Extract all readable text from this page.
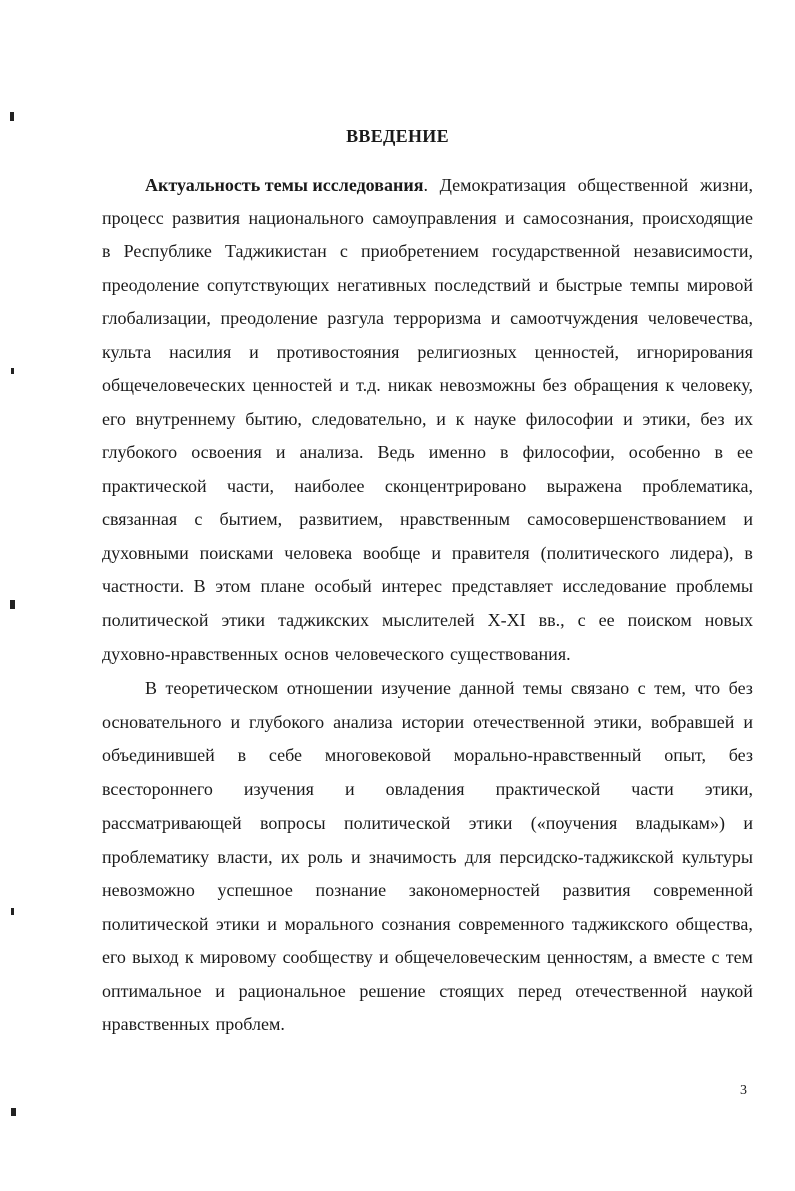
ВВЕДЕНИЕ
Актуальность темы исследования. Демократизация общественной жизни,
процесс развития национального самоуправления и самосознания, происходящие
в Республике Таджикистан с приобретением государственной независимости,
преодоление сопутствующих негативных последствий и быстрые темпы мировой
глобализации, преодоление разгула терроризма и самоотчуждения человечества,
культа насилия и противостояния религиозных ценностей, игнорирования
общечеловеческих ценностей и т.д. никак невозможны без обращения к человеку,
его внутреннему бытию, следовательно, и к науке философии и этики, без их
глубокого освоения и анализа. Ведь именно в философии, особенно в ее
практической части, наиболее сконцентрировано выражена проблематика,
связанная с бытием, развитием, нравственным самосовершенствованием и
духовными поисками человека вообще и правителя (политического лидера), в
частности. В этом плане особый интерес представляет исследование проблемы
политической этики таджикских мыслителей X-XI вв., с ее поиском новых
духовно-нравственных основ человеческого существования.
В теоретическом отношении изучение данной темы связано с тем, что без
основательного и глубокого анализа истории отечественной этики, вобравшей и
объединившей в себе многовековой морально-нравственный опыт, без
всестороннего изучения и овладения практической части этики,
рассматривающей вопросы политической этики («поучения владыкам») и
проблематику власти, их роль и значимость для персидско-таджикской культуры
невозможно успешное познание закономерностей развития современной
политической этики и морального сознания современного таджикского общества,
его выход к мировому сообществу и общечеловеческим ценностям, а вместе с тем
оптимальное и рациональное решение стоящих перед отечественной наукой
нравственных проблем.
3
